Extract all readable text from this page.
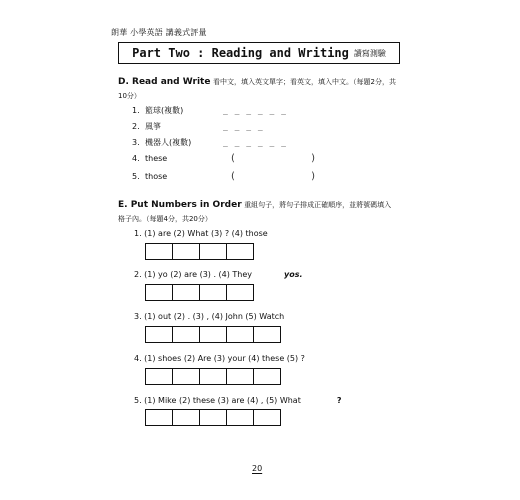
朗華 小學英語 講義式評量
Part Two : Reading and Writing 讀寫測驗
D. Read and Write 看中文，填入英文單字；看英文，填入中文。（每題2分，共10分）
1. 籃球(複數)	_ _ _ _ _ _
2. 風箏	_ _ _ _
3. 機器人(複數)	_ _ _ _ _ _
4. these	(	)
5. those	(	)
E. Put Numbers in Order 重組句子，將句子排成正確順序，並將號碼填入格子內。（每題4分，共20分）
1. (1) are (2) What (3) ? (4) those
2. (1) yo (2) are (3) . (4) They	yos.
3. (1) out (2) . (3) , (4) John (5) Watch
4. (1) shoes (2) Are (3) your (4) these (5) ?
5. (1) Mike (2) these (3) are (4) , (5) What	?
20
